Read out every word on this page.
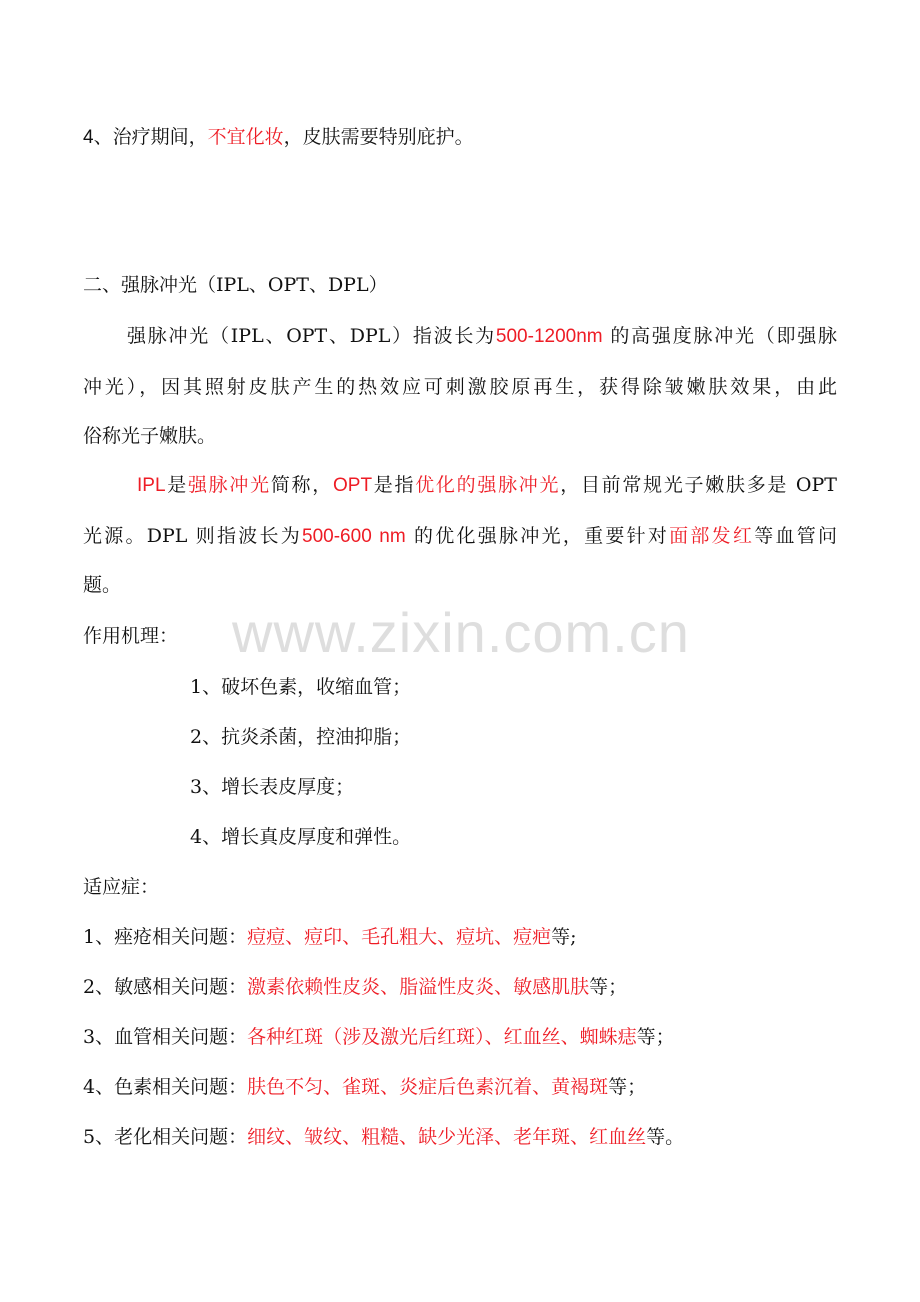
www.zixin.com.cn
4、治疗期间，不宜化妆，皮肤需要特别庇护。
二、强脉冲光（IPL、OPT、DPL）
强脉冲光（IPL、OPT、DPL）指波长为500-1200nm 的高强度脉冲光（即强脉
冲光），因其照射皮肤产生的热效应可刺激胶原再生，获得除皱嫩肤效果，由此
俗称光子嫩肤。
IPL是强脉冲光简称，OPT是指优化的强脉冲光，目前常规光子嫩肤多是 OPT
光源。DPL 则指波长为500-600 nm 的优化强脉冲光，重要针对面部发红等血管问
题。
作用机理：
1、破坏色素，收缩血管；
2、抗炎杀菌，控油抑脂；
3、增长表皮厚度；
4、增长真皮厚度和弹性。
适应症：
1、痤疮相关问题：痘痘、痘印、毛孔粗大、痘坑、痘疤等;
2、敏感相关问题：激素依赖性皮炎、脂溢性皮炎、敏感肌肤等；
3、血管相关问题：各种红斑（涉及激光后红斑）、红血丝、蜘蛛痣等；
4、色素相关问题：肤色不匀、雀斑、炎症后色素沉着、黄褐斑等；
5、老化相关问题：细纹、皱纹、粗糙、缺少光泽、老年斑、红血丝等。
